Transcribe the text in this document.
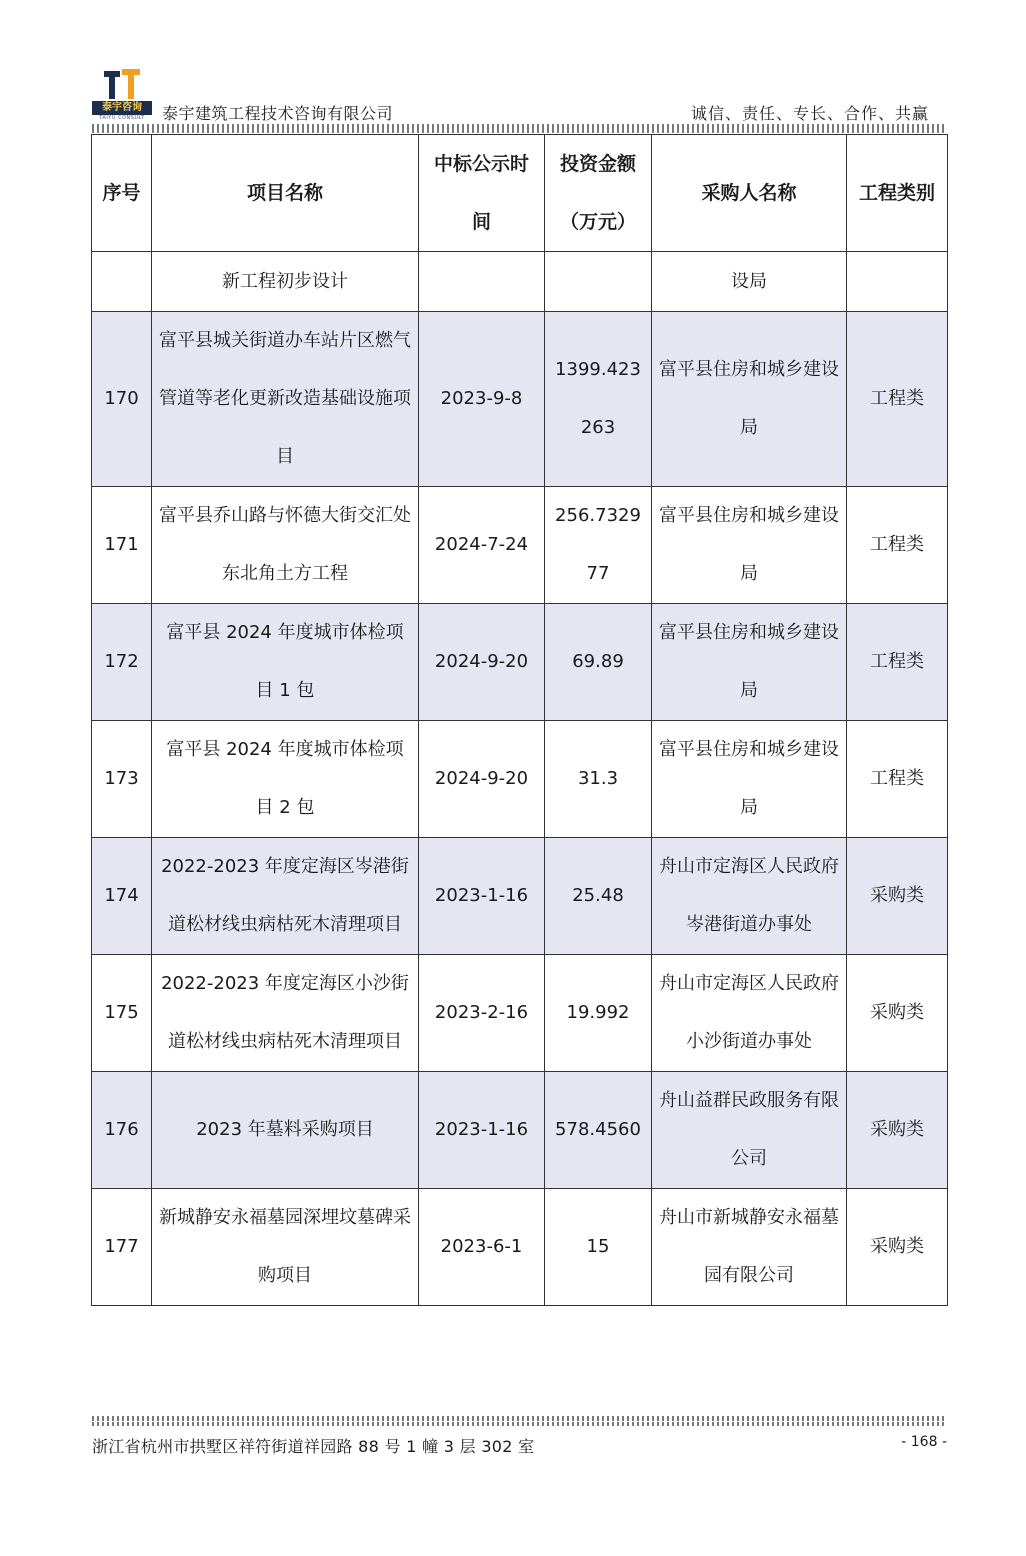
泰宇咨询
TAIYU CONSULT	泰宇建筑工程技术咨询有限公司	诚信、责任、专长、合作、共赢
序号	项目名称	中标公示时间	投资金额（万元）	采购人名称	工程类别
	新工程初步设计			设局	
170	富平县城关街道办车站片区燃气管道等老化更新改造基础设施项目	2023-9-8	1399.423263	富平县住房和城乡建设局	工程类
171	富平县乔山路与怀德大街交汇处东北角土方工程	2024-7-24	256.732977	富平县住房和城乡建设局	工程类
172	富平县 2024 年度城市体检项目 1 包	2024-9-20	69.89	富平县住房和城乡建设局	工程类
173	富平县 2024 年度城市体检项目 2 包	2024-9-20	31.3	富平县住房和城乡建设局	工程类
174	2022-2023 年度定海区岑港街道松材线虫病枯死木清理项目	2023-1-16	25.48	舟山市定海区人民政府岑港街道办事处	采购类
175	2022-2023 年度定海区小沙街道松材线虫病枯死木清理项目	2023-2-16	19.992	舟山市定海区人民政府小沙街道办事处	采购类
176	2023 年墓料采购项目	2023-1-16	578.4560	舟山益群民政服务有限公司	采购类
177	新城静安永福墓园深埋坟墓碑采购项目	2023-6-1	15	舟山市新城静安永福墓园有限公司	采购类
浙江省杭州市拱墅区祥符街道祥园路 88 号 1 幢 3 层 302 室	- 168 -
